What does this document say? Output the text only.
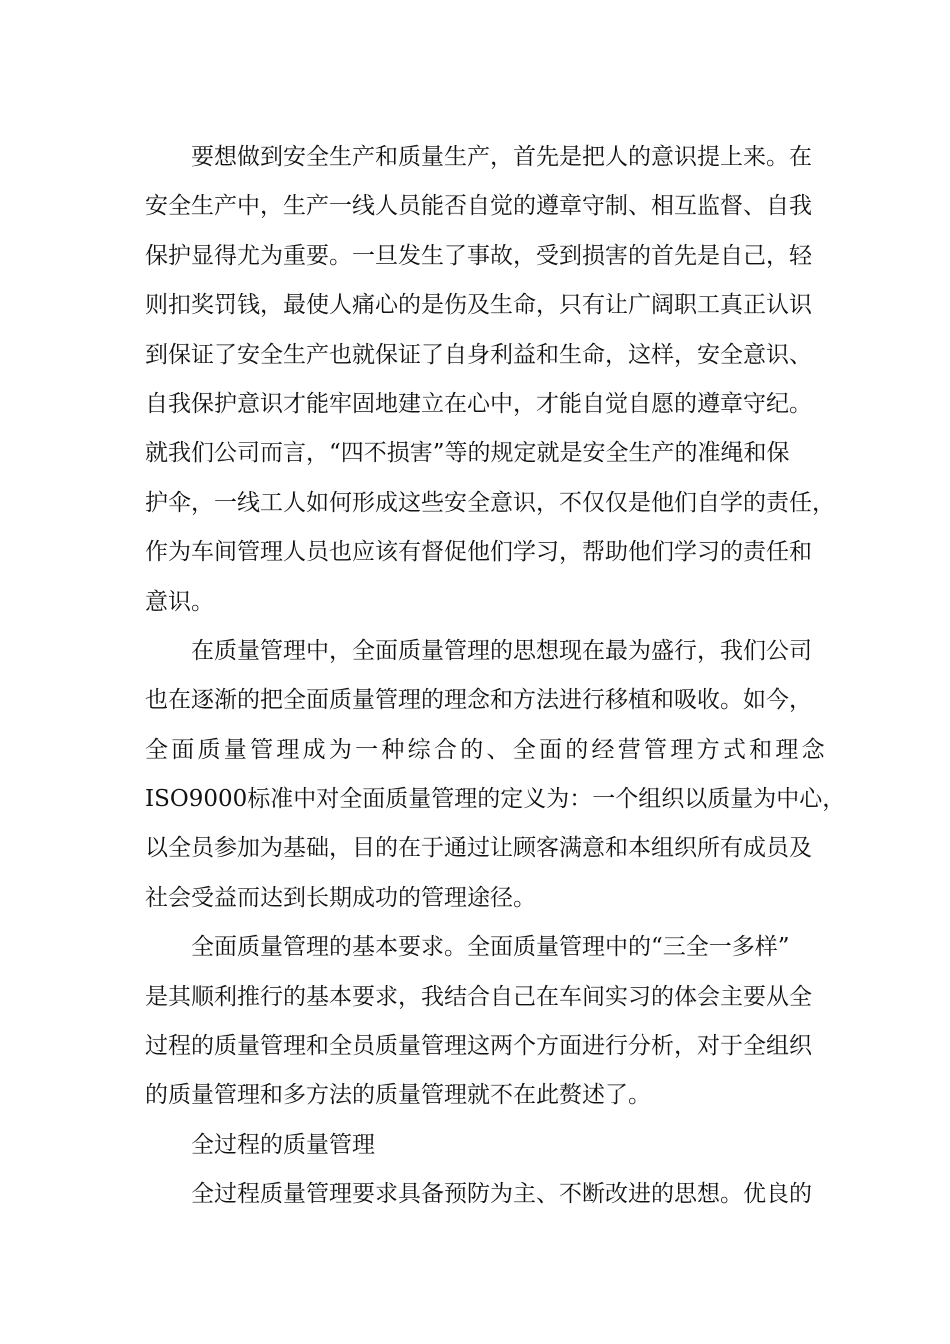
要想做到安全生产和质量生产，首先是把人的意识提上来。在
安全生产中，生产一线人员能否自觉的遵章守制、相互监督、自我
保护显得尤为重要。一旦发生了事故，受到损害的首先是自己，轻
则扣奖罚钱，最使人痛心的是伤及生命，只有让广阔职工真正认识
到保证了安全生产也就保证了自身利益和生命，这样，安全意识、
自我保护意识才能牢固地建立在心中，才能自觉自愿的遵章守纪。
就我们公司而言，“四不损害”等的规定就是安全生产的准绳和保
护伞，一线工人如何形成这些安全意识，不仅仅是他们自学的责任，
作为车间管理人员也应该有督促他们学习，帮助他们学习的责任和
意识。
在质量管理中，全面质量管理的思想现在最为盛行，我们公司
也在逐渐的把全面质量管理的理念和方法进行移植和吸收。如今，
全 面 质 量 管 理 成 为 一 种 综 合 的 、 全 面 的 经 营 管 理 方 式 和 理 念
ISO9000标准中对全面质量管理的定义为：一个组织以质量为中心，
以全员参加为基础，目的在于通过让顾客满意和本组织所有成员及
社会受益而达到长期成功的管理途径。
全面质量管理的基本要求。全面质量管理中的“三全一多样”
是其顺利推行的基本要求，我结合自己在车间实习的体会主要从全
过程的质量管理和全员质量管理这两个方面进行分析，对于全组织
的质量管理和多方法的质量管理就不在此赘述了。
全过程的质量管理
全过程质量管理要求具备预防为主、不断改进的思想。优良的
